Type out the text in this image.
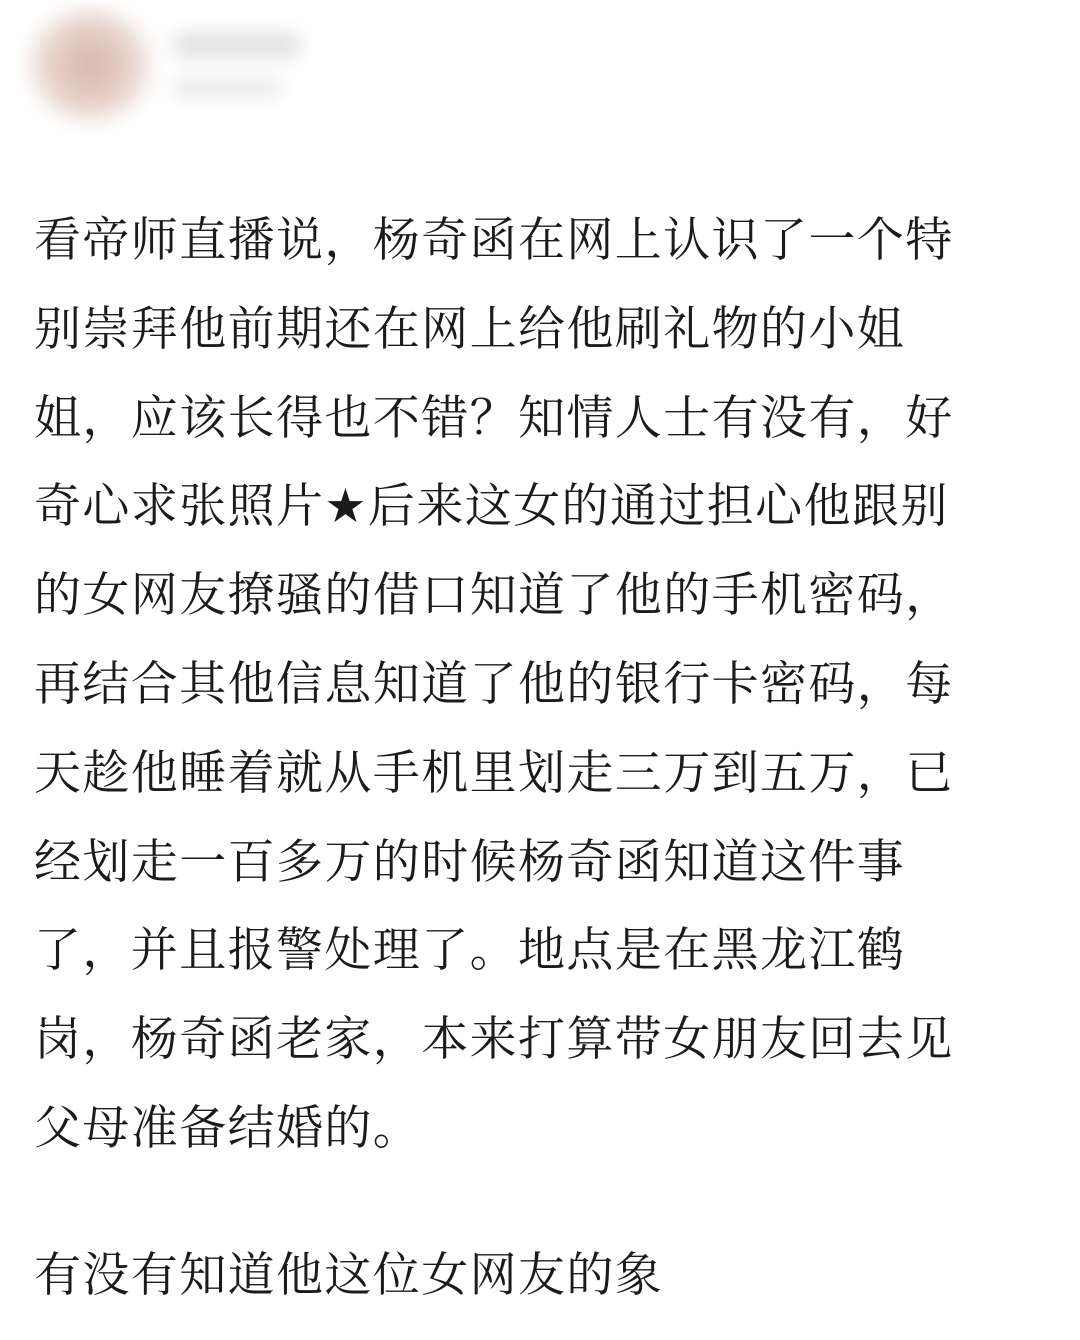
看帝师直播说，杨奇函在网上认识了一个特
别崇拜他前期还在网上给他刷礼物的小姐
姐，应该长得也不错？知情人士有没有，好
奇心求张照片★后来这女的通过担心他跟别
的女网友撩骚的借口知道了他的手机密码，
再结合其他信息知道了他的银行卡密码，每
天趁他睡着就从手机里划走三万到五万，已
经划走一百多万的时候杨奇函知道这件事
了，并且报警处理了。地点是在黑龙江鹤
岗，杨奇函老家，本来打算带女朋友回去见
父母准备结婚的。

有没有知道他这位女网友的象
